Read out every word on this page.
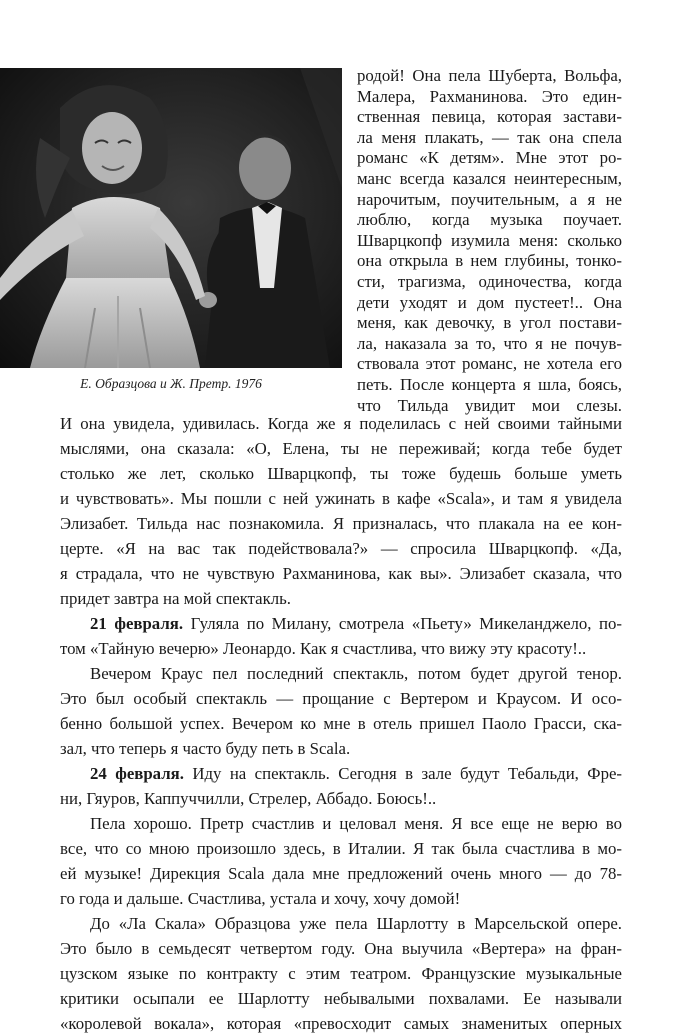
Е. Образцова и Ж. Претр. 1976

родой! Она пела Шуберта, Вольфа,

Малера, Рахманинова. Это един-

ственная певица, которая застави-

ла меня плакать, — так она спела

романс «К детям». Мне этот ро-

манс всегда казался неинтересным,

нарочитым, поучительным, а я не

люблю, когда музыка поучает.

Шварцкопф изумила меня: сколько

она открыла в нем глубины, тонко-

сти, трагизма, одиночества, когда

дети уходят и дом пустеет!.. Она

меня, как девочку, в угол постави-

ла, наказала за то, что я не почув-

ствовала этот романс, не хотела его

петь. После концерта я шла, боясь,

что Тильда увидит мои слезы.

И она увидела, удивилась. Когда же я поделилась с ней своими тайными

мыслями, она сказала: «О, Елена, ты не переживай; когда тебе будет

столько же лет, сколько Шварцкопф, ты тоже будешь больше уметь

и чувствовать». Мы пошли с ней ужинать в кафе «Scala», и там я увидела

Элизабет. Тильда нас познакомила. Я призналась, что плакала на ее кон-

церте. «Я на вас так подействовала?» — спросила Шварцкопф. «Да,

я страдала, что не чувствую Рахманинова, как вы». Элизабет сказала, что

придет завтра на мой спектакль.

21 февраля. Гуляла по Милану, смотрела «Пьету» Микеланджело, по-

том «Тайную вечерю» Леонардо. Как я счастлива, что вижу эту красоту!..

Вечером Краус пел последний спектакль, потом будет другой тенор.

Это был особый спектакль — прощание с Вертером и Краусом. И осо-

бенно большой успех. Вечером ко мне в отель пришел Паоло Грасси, ска-

зал, что теперь я часто буду петь в Scala.

24 февраля. Иду на спектакль. Сегодня в зале будут Тебальди, Фре-

ни, Гяуров, Каппуччилли, Стрелер, Аббадо. Боюсь!..

Пела хорошо. Претр счастлив и целовал меня. Я все еще не верю во

все, что со мною произошло здесь, в Италии. Я так была счастлива в мо-

ей музыке! Дирекция Scala дала мне предложений очень много — до 78-

го года и дальше. Счастлива, устала и хочу, хочу домой!

До «Ла Скала» Образцова уже пела Шарлотту в Марсельской опере.

Это было в семьдесят четвертом году. Она выучила «Вертера» на фран-

цузском языке по контракту с этим театром. Французские музыкальные

критики осыпали ее Шарлотту небывалыми похвалами. Ее называли

«королевой вокала», которая «превосходит самых знаменитых оперных
